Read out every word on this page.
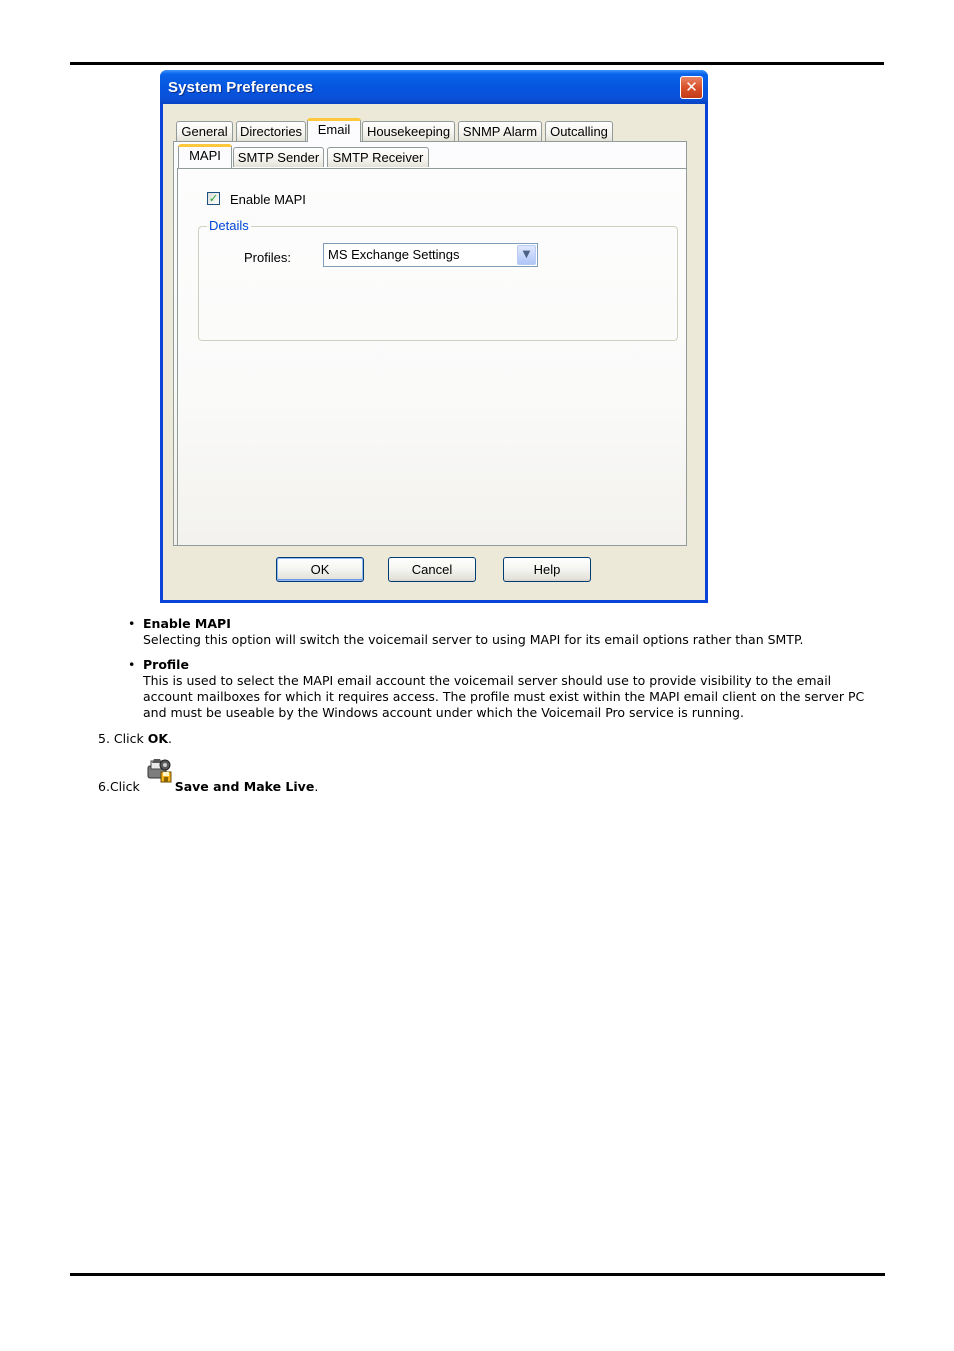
System Preferences	✕
General Directories	Email	Housekeeping SNMP Alarm	Outcalling
MAPI	SMTP Sender	SMTP Receiver
✓ Enable MAPI
Details
Profiles:	MS Exchange Settings	▼
OK	Cancel	Help
• Enable MAPI
Selecting this option will switch the voicemail server to using MAPI for its email options rather than SMTP.
• Profile
This is used to select the MAPI email account the voicemail server should use to provide visibility to the email account mailboxes for which it requires access. The profile must exist within the MAPI email client on the server PC and must be useable by the Windows account under which the Voicemail Pro service is running.
5. Click OK.
6.Click Save and Make Live.
